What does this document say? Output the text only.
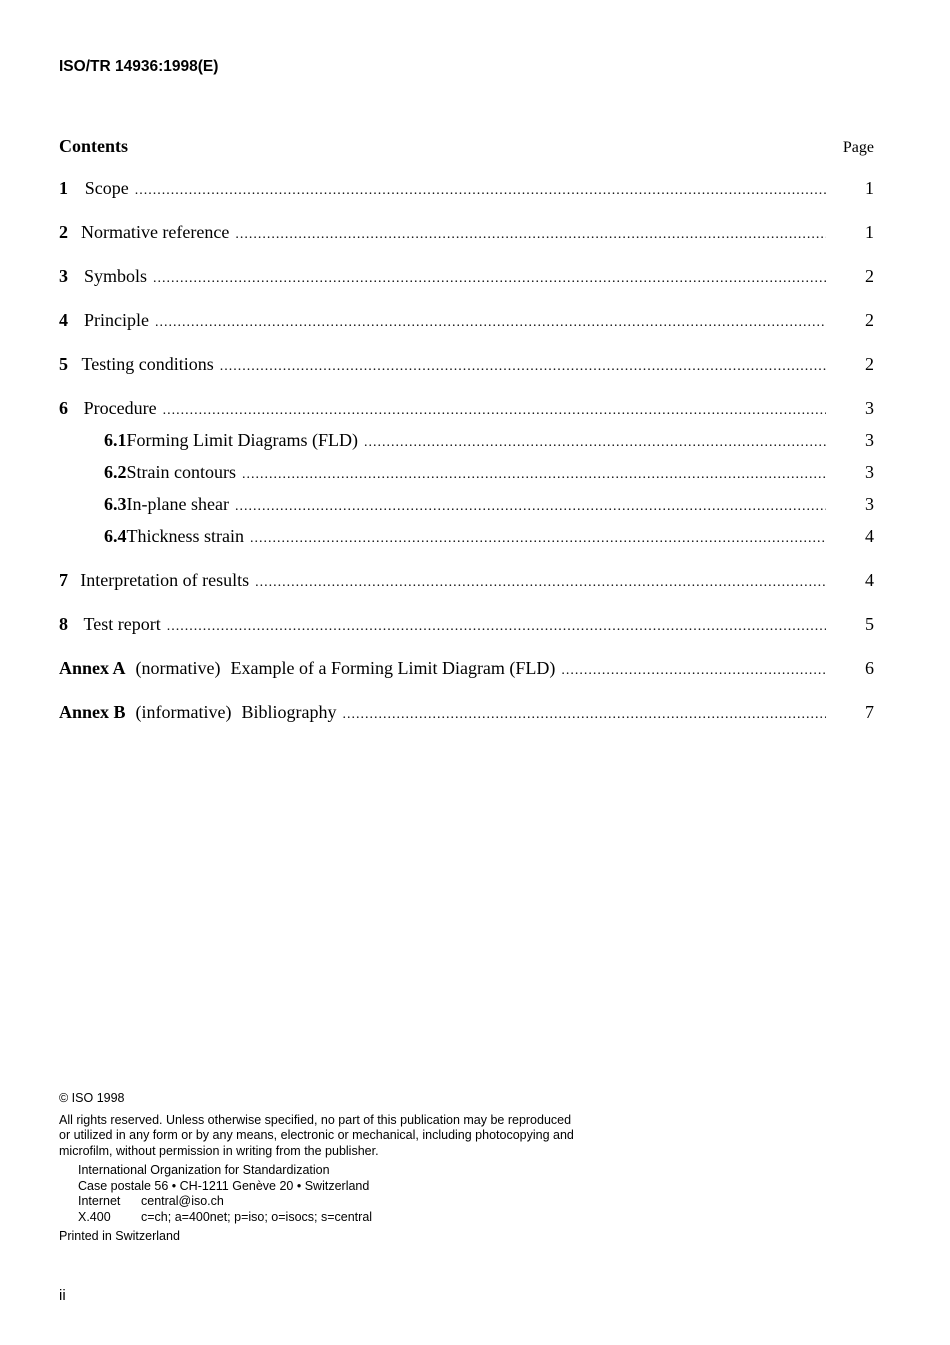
ISO/TR 14936:1998(E)
Contents	Page
1 Scope .....	1
2 Normative reference .....	1
3 Symbols .....	2
4 Principle .....	2
5 Testing conditions .....	2
6 Procedure .....	3
6.1 Forming Limit Diagrams (FLD) .....	3
6.2 Strain contours .....	3
6.3 In-plane shear .....	3
6.4 Thickness strain .....	4
7 Interpretation of results .....	4
8 Test report .....	5
Annex A (normative) Example of a Forming Limit Diagram (FLD) .....	6
Annex B (informative) Bibliography .....	7

© ISO 1998

All rights reserved. Unless otherwise specified, no part of this publication may be reproduced

or utilized in any form or by any means, electronic or mechanical, including photocopying and

microfilm, without permission in writing from the publisher.

International Organization for Standardization

Case postale 56 • CH-1211 Genève 20 • Switzerland

Internet	central@iso.ch
X.400	c=ch; a=400net; p=iso; o=isocs; s=central

Printed in Switzerland

ii
